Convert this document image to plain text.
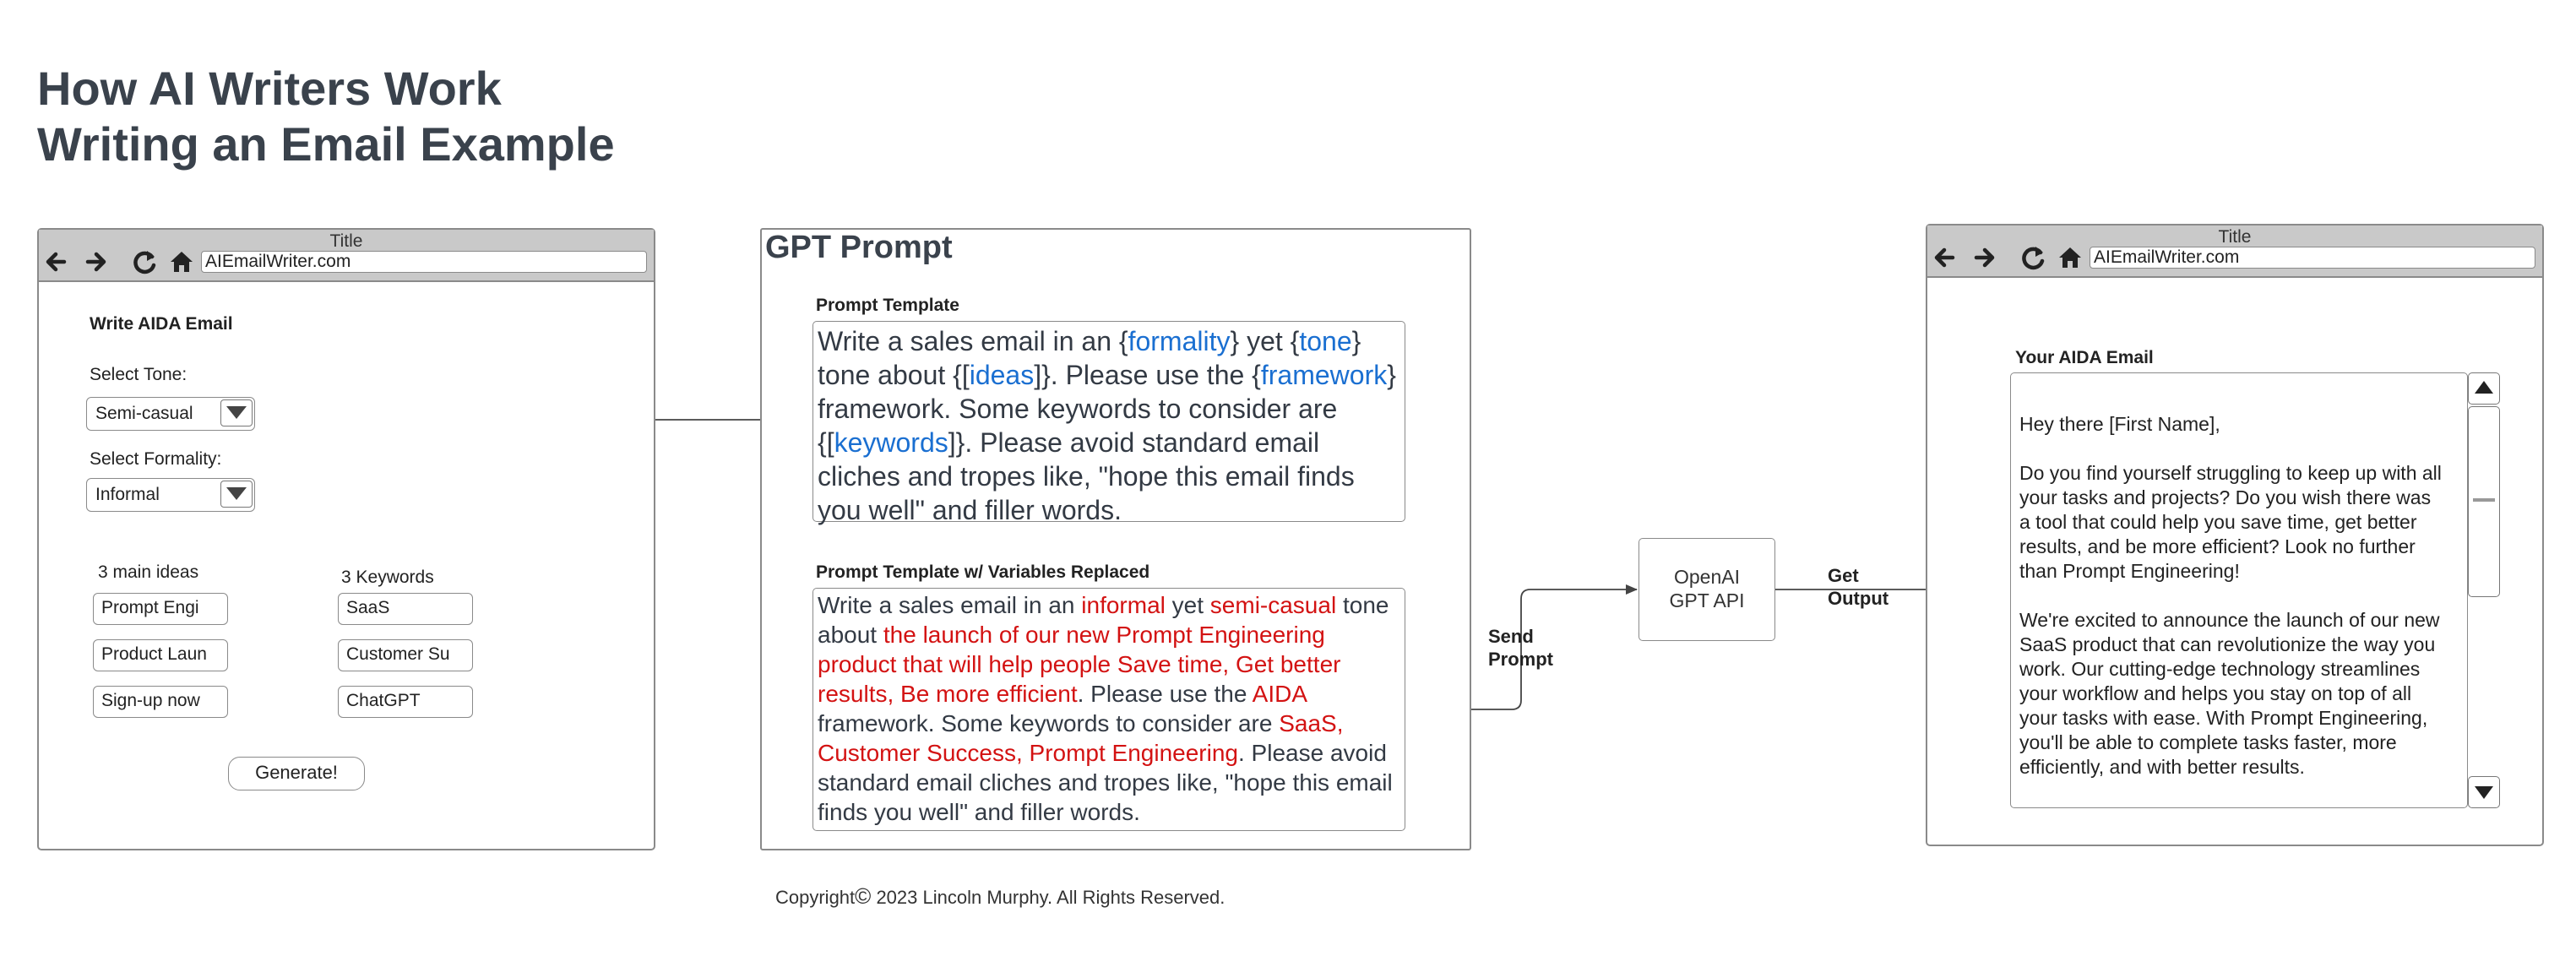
How AI Writers Work
Writing an Email Example
Title
AIEmailWriter.com
Write AIDA Email
Select Tone:
Semi-casual
Select Formality:
Informal
3 main ideas
Prompt Engi
Product Laun
Sign-up now
3 Keywords
SaaS
Customer Su
ChatGPT
Generate!
GPT Prompt
Prompt Template
Write a sales email in an {formality} yet {tone} tone about {[ideas]}. Please use the {framework} framework. Some keywords to consider are {[keywords]}. Please avoid standard email cliches and tropes like, "hope this email finds you well" and filler words.
Prompt Template w/ Variables Replaced
Write a sales email in an informal yet semi-casual tone about the launch of our new Prompt Engineering product that will help people Save time, Get better results, Be more efficient. Please use the AIDA framework. Some keywords to consider are SaaS, Customer Success, Prompt Engineering. Please avoid standard email cliches and tropes like, "hope this email finds you well" and filler words.
Send
Prompt
OpenAI
GPT API
Get
Output
Title
AIEmailWriter.com
Your AIDA Email
Hey there [First Name],

Do you find yourself struggling to keep up with all your tasks and projects? Do you wish there was a tool that could help you save time, get better results, and be more efficient? Look no further than Prompt Engineering!

We're excited to announce the launch of our new SaaS product that can revolutionize the way you work. Our cutting-edge technology streamlines your workflow and helps you stay on top of all your tasks with ease. With Prompt Engineering, you'll be able to complete tasks faster, more efficiently, and with better results.
Copyright© 2023 Lincoln Murphy. All Rights Reserved.
